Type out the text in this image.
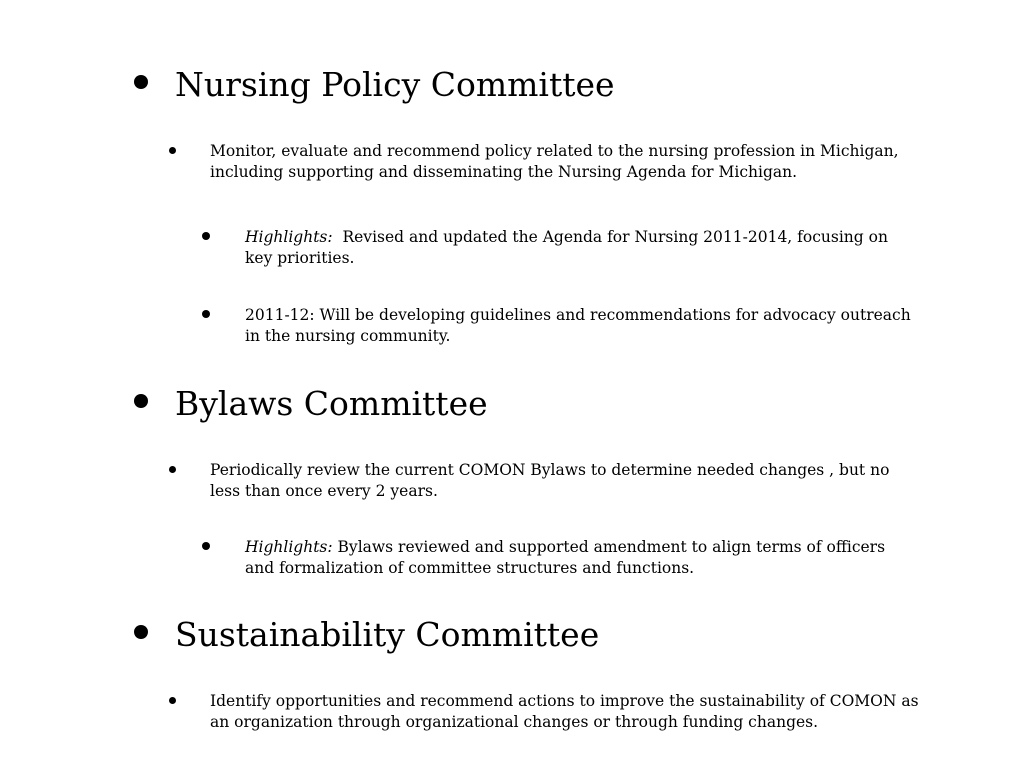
Nursing Policy Committee
Monitor, evaluate and recommend policy related to the nursing profession in Michigan, including supporting and disseminating the Nursing Agenda for Michigan.
Highlights: Revised and updated the Agenda for Nursing 2011-2014, focusing on key priorities.
2011-12: Will be developing guidelines and recommendations for advocacy outreach in the nursing community.
Bylaws Committee
Periodically review the current COMON Bylaws to determine needed changes , but no less than once every 2 years.
Highlights: Bylaws reviewed and supported amendment to align terms of officers and formalization of committee structures and functions.
Sustainability Committee
Identify opportunities and recommend actions to improve the sustainability of COMON as an organization through organizational changes or through funding changes.
